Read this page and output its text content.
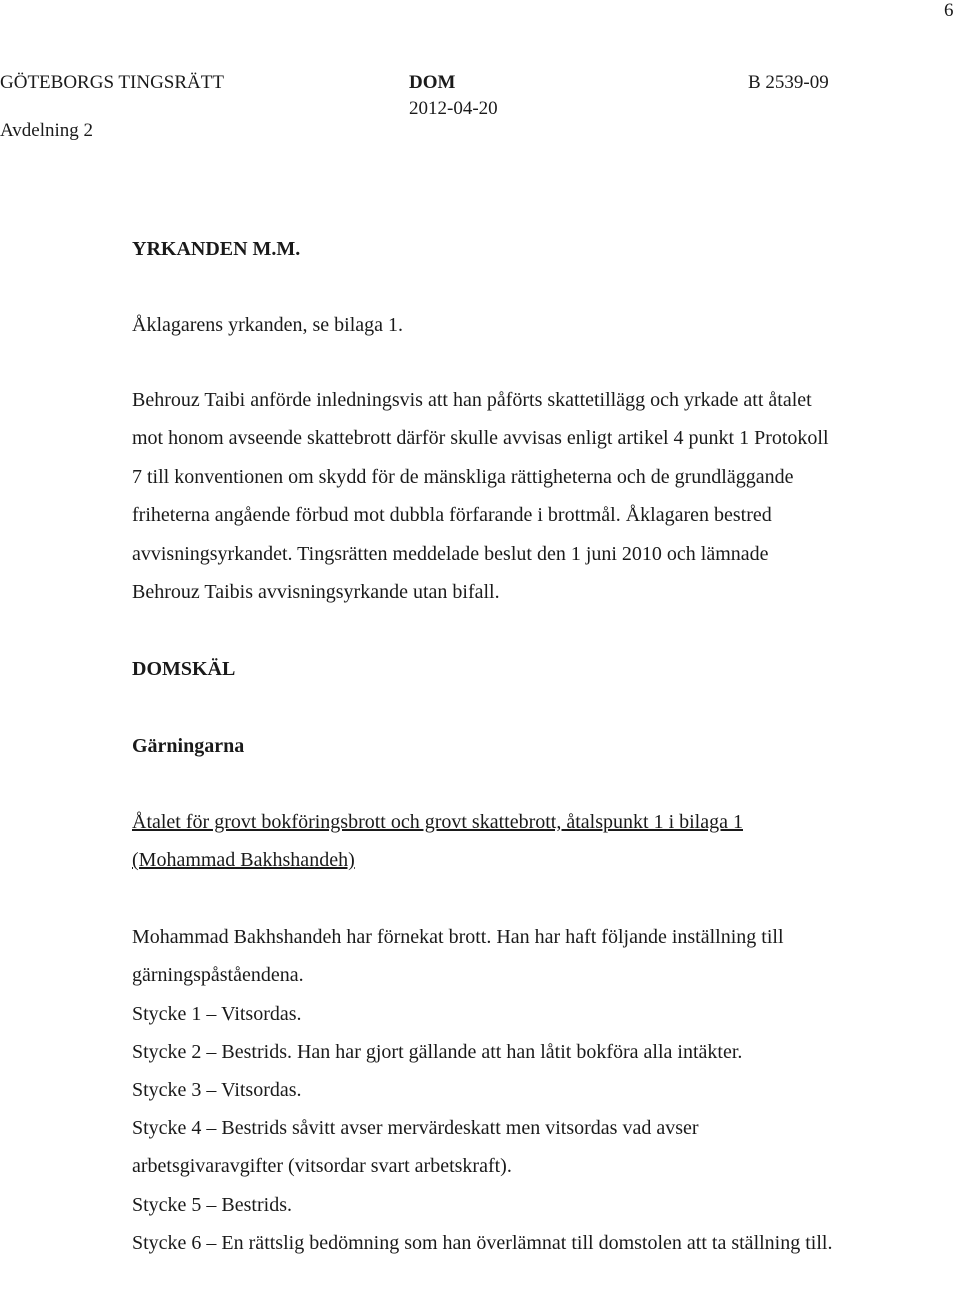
6
GÖTEBORGS TINGSRÄTT	DOM	B 2539-09
2012-04-20
Avdelning 2
YRKANDEN M.M.
Åklagarens yrkanden, se bilaga 1.

Behrouz Taibi anförde inledningsvis att han påförts skattetillägg och yrkade att åtalet mot honom avseende skattebrott därför skulle avvisas enligt artikel 4 punkt 1 Protokoll 7 till konventionen om skydd för de mänskliga rättigheterna och de grundläggande friheterna angående förbud mot dubbla förfarande i brottmål. Åklagaren bestred avvisningsyrkandet. Tingsrätten meddelade beslut den 1 juni 2010 och lämnade Behrouz Taibis avvisningsyrkande utan bifall.

DOMSKÄL
Gärningarna

Åtalet för grovt bokföringsbrott och grovt skattebrott, åtalspunkt 1 i bilaga 1 (Mohammad Bakhshandeh)

Mohammad Bakhshandeh har förnekat brott. Han har haft följande inställning till gärningspåståendena.

Stycke 1 – Vitsordas.

Stycke 2 – Bestrids. Han har gjort gällande att han låtit bokföra alla intäkter.

Stycke 3 – Vitsordas.

Stycke 4 – Bestrids såvitt avser mervärdeskatt men vitsordas vad avser arbetsgivaravgifter (vitsordar svart arbetskraft).

Stycke 5 – Bestrids.

Stycke 6 – En rättslig bedömning som han överlämnat till domstolen att ta ställning till.
